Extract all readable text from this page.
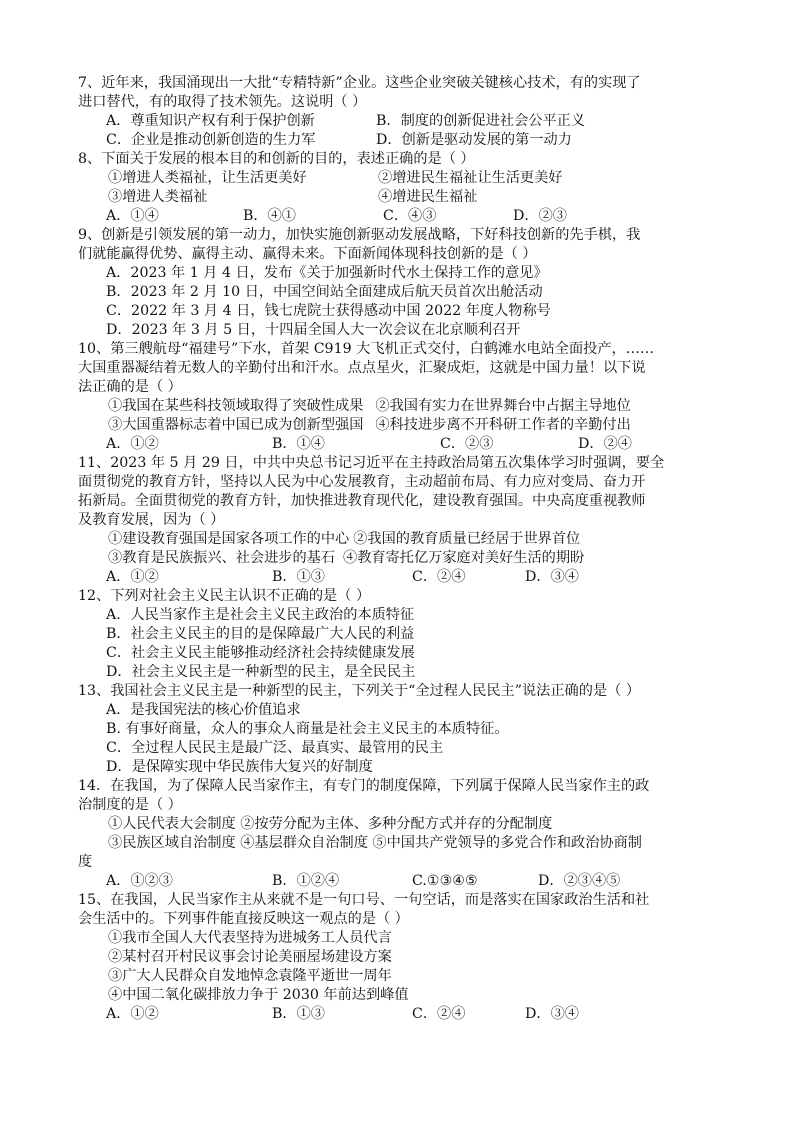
7、近年来，我国涌现出一大批“专精特新”企业。这些企业突破关键核心技术，有的实现了
进口替代，有的取得了技术领先。这说明（ ）
A．尊重知识产权有利于保护创新	B．制度的创新促进社会公平正义
C．企业是推动创新创造的生力军	D．创新是驱动发展的第一动力
8、下面关于发展的根本目的和创新的目的，表述正确的是（ ）
①增进人类福祉，让生活更美好	②增进民生福祉让生活更美好
③增进人类福祉	④增进民生福祉
A．①④	B．④①	C．④③	D．②③
9、创新是引领发展的第一动力，加快实施创新驱动发展战略，下好科技创新的先手棋，我
们就能赢得优势、赢得主动、赢得未来。下面新闻体现科技创新的是（ ）
A．2023 年 1 月 4 日，发布《关于加强新时代水土保持工作的意见》
B．2023 年 2 月 10 日，中国空间站全面建成后航天员首次出舱活动
C．2022 年 3 月 4 日，钱七虎院士获得感动中国 2022 年度人物称号
D．2023 年 3 月 5 日，十四届全国人大一次会议在北京顺利召开
10、第三艘航母“福建号”下水，首架 C919 大飞机正式交付，白鹤滩水电站全面投产，……
大国重器凝结着无数人的辛勤付出和汗水。点点星火，汇聚成炬，这就是中国力量！以下说
法正确的是（ ）
①我国在某些科技领域取得了突破性成果 ②我国有实力在世界舞台中占据主导地位
③大国重器标志着中国已成为创新型强国 ④科技进步离不开科研工作者的辛勤付出
A．①②	B．①④	C．②③	D．②④
11、2023 年 5 月 29 日，中共中央总书记习近平在主持政治局第五次集体学习时强调，要全
面贯彻党的教育方针，坚持以人民为中心发展教育，主动超前布局、有力应对变局、奋力开
拓新局。全面贯彻党的教育方针，加快推进教育现代化，建设教育强国。中央高度重视教师
及教育发展，因为（ ）
①建设教育强国是国家各项工作的中心 ②我国的教育质量已经居于世界首位
③教育是民族振兴、社会进步的基石 ④教育寄托亿万家庭对美好生活的期盼
A．①②	B．①③	C．②④	D．③④
12、下列对社会主义民主认识不正确的是（ ）
A．人民当家作主是社会主义民主政治的本质特征
B．社会主义民主的目的是保障最广大人民的利益
C．社会主义民主能够推动经济社会持续健康发展
D．社会主义民主是一种新型的民主，是全民民主
13、我国社会主义民主是一种新型的民主，下列关于“全过程人民民主”说法正确的是（ ）
A．是我国宪法的核心价值追求
B. 有事好商量，众人的事众人商量是社会主义民主的本质特征。
C．全过程人民民主是最广泛、最真实、最管用的民主
D．是保障实现中华民族伟大复兴的好制度
14．在我国，为了保障人民当家作主，有专门的制度保障，下列属于保障人民当家作主的政
治制度的是（ ）
①人民代表大会制度 ②按劳分配为主体、多种分配方式并存的分配制度
③民族区域自治制度 ④基层群众自治制度 ⑤中国共产党领导的多党合作和政治协商制
度
A．①②③	B．①②④	C.①③④⑤	D．②③④⑤
15、在我国，人民当家作主从来就不是一句口号、一句空话，而是落实在国家政治生活和社
会生活中的。下列事件能直接反映这一观点的是（ ）
①我市全国人大代表坚持为进城务工人员代言
②某村召开村民议事会讨论美丽屋场建设方案
③广大人民群众自发地悼念袁隆平逝世一周年
④中国二氧化碳排放力争于 2030 年前达到峰值
A．①②	B．①③	C．②④	D．③④
